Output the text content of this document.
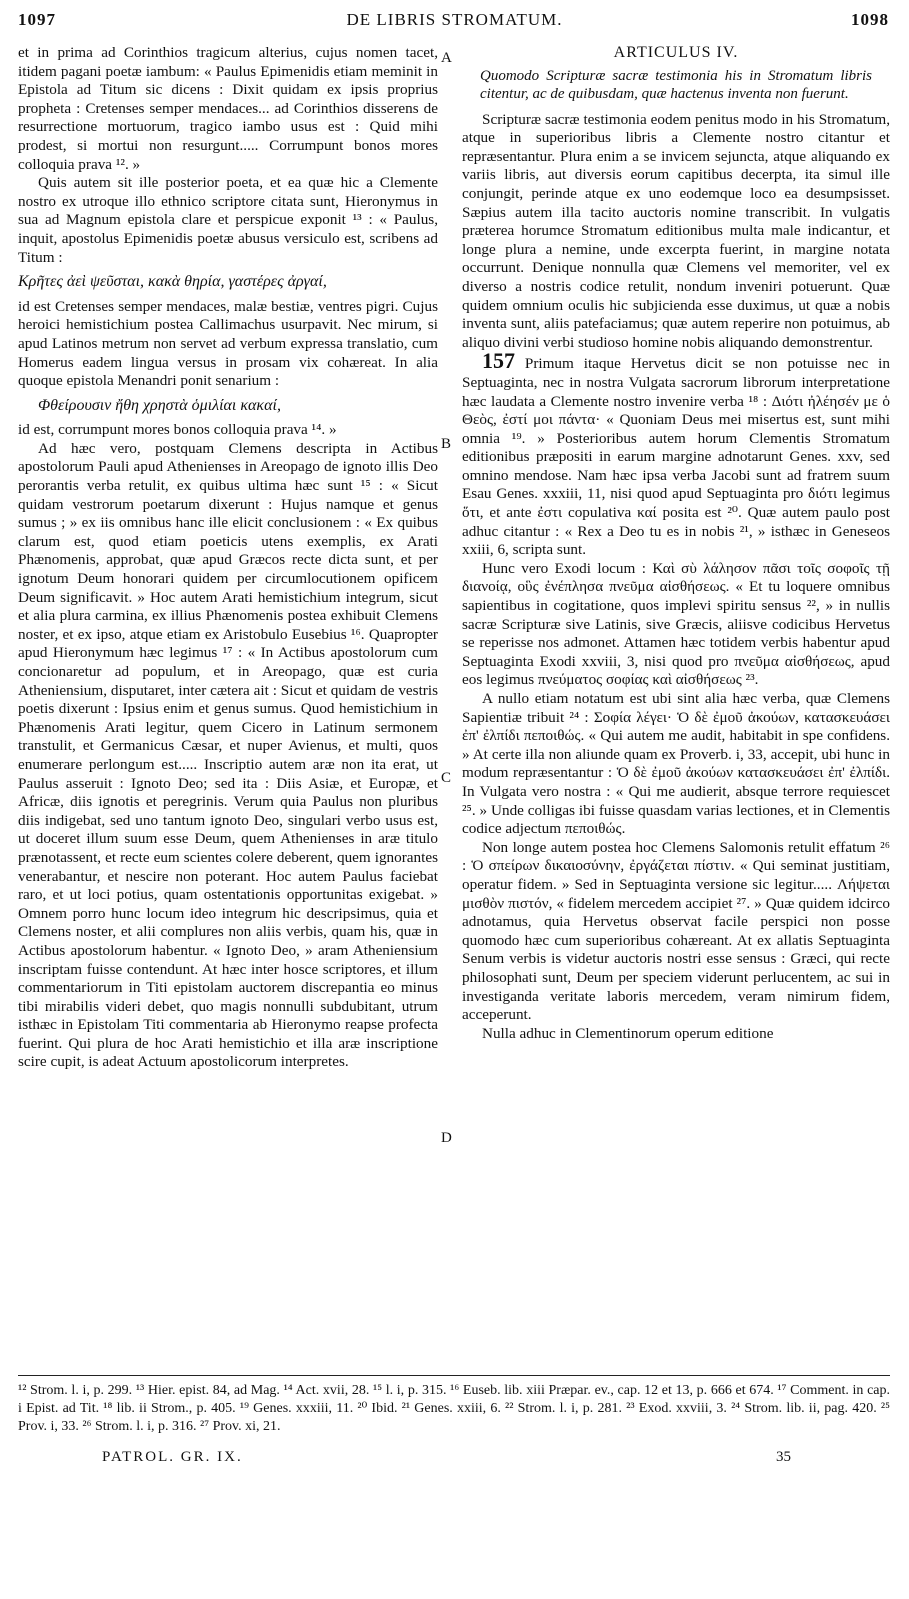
1097	DE LIBRIS STROMATUM.	1098
A
B
C
D

et in prima ad Corinthios tragicum alterius, cujus nomen tacet, itidem pagani poetæ iambum: « Paulus Epimenidis etiam meminit in Epistola ad Titum sic dicens : Dixit quidam ex ipsis proprius propheta : Cretenses semper mendaces... ad Corinthios disserens de resurrectione mortuorum, tragico iambo usus est : Quid mihi prodest, si mortui non resurgunt..... Corrumpunt bonos mores colloquia prava ¹². »

Quis autem sit ille posterior poeta, et ea quæ hic a Clemente nostro ex utroque illo ethnico scriptore citata sunt, Hieronymus in sua ad Magnum epistola clare et perspicue exponit ¹³ : « Paulus, inquit, apostolus Epimenidis poetæ abusus versiculo est, scribens ad Titum :

Κρῆτες ἀεὶ ψεῦσται, κακὰ θηρία, γαστέρες ἀργαί,

id est Cretenses semper mendaces, malæ bestiæ, ventres pigri. Cujus heroici hemistichium postea Callimachus usurpavit. Nec mirum, si apud Latinos metrum non servet ad verbum expressa translatio, cum Homerus eadem lingua versus in prosam vix cohæreat. In alia quoque epistola Menandri ponit senarium :

Φθείρουσιν ἤθη χρηστὰ ὁμιλίαι κακαί,

id est, corrumpunt mores bonos colloquia prava ¹⁴. »

Ad hæc vero, postquam Clemens descripta in Actibus apostolorum Pauli apud Athenienses in Areopago de ignoto illis Deo perorantis verba retulit, ex quibus ultima hæc sunt ¹⁵ : « Sicut quidam vestrorum poetarum dixerunt : Hujus namque et genus sumus ; » ex iis omnibus hanc ille elicit conclusionem : « Ex quibus clarum est, quod etiam poeticis utens exemplis, ex Arati Phænomenis, approbat, quæ apud Græcos recte dicta sunt, et per ignotum Deum honorari quidem per circumlocutionem opificem Deum significavit. » Hoc autem Arati hemistichium integrum, sicut et alia plura carmina, ex illius Phænomenis postea exhibuit Clemens noster, et ex ipso, atque etiam ex Aristobulo Eusebius ¹⁶. Quapropter apud Hieronymum hæc legimus ¹⁷ : « In Actibus apostolorum cum concionaretur ad populum, et in Areopago, quæ est curia Atheniensium, disputaret, inter cætera ait : Sicut et quidam de vestris poetis dixerunt : Ipsius enim et genus sumus. Quod hemistichium in Phænomenis Arati legitur, quem Cicero in Latinum sermonem transtulit, et Germanicus Cæsar, et nuper Avienus, et multi, quos enumerare perlongum est..... Inscriptio autem aræ non ita erat, ut Paulus asseruit : Ignoto Deo; sed ita : Diis Asiæ, et Europæ, et Africæ, diis ignotis et peregrinis. Verum quia Paulus non pluribus diis indigebat, sed uno tantum ignoto Deo, singulari verbo usus est, ut doceret illum suum esse Deum, quem Athenienses in aræ titulo prænotassent, et recte eum scientes colere deberent, quem ignorantes venerabantur, et nescire non poterant. Hoc autem Paulus faciebat raro, et ut loci potius, quam ostentationis opportunitas exigebat. » Omnem porro hunc locum ideo integrum hic descripsimus, quia et Clemens noster, et alii complures non aliis verbis, quam his, quæ in Actibus apostolorum habentur. « Ignoto Deo, » aram Atheniensium inscriptam fuisse contendunt. At hæc inter hosce scriptores, et illum commentariorum in Titi epistolam auctorem discrepantia eo minus tibi mirabilis videri debet, quo magis nonnulli subdubitant, utrum isthæc in Epistolam Titi commentaria ab Hieronymo reapse profecta fuerint. Qui plura de hoc Arati hemistichio et illa aræ inscriptione scire cupit, is adeat Actuum apostolicorum interpretes.

ARTICULUS IV.
Quomodo Scripturæ sacræ testimonia his in Stromatum libris citentur, ac de quibusdam, quæ hactenus inventa non fuerunt.

Scripturæ sacræ testimonia eodem penitus modo in his Stromatum, atque in superioribus libris a Clemente nostro citantur et repræsentantur. Plura enim a se invicem sejuncta, atque aliquando ex variis libris, aut diversis eorum capitibus decerpta, ita simul ille conjungit, perinde atque ex uno eodemque loco ea desumpsisset. Sæpius autem illa tacito auctoris nomine transcribit. In vulgatis præterea horumce Stromatum editionibus multa male indicantur, et longe plura a nemine, unde excerpta fuerint, in margine notata occurrunt. Denique nonnulla quæ Clemens vel memoriter, vel ex diverso a nostris codice retulit, nondum inveniri potuerunt. Quæ quidem omnium oculis hic subjicienda esse duximus, ut quæ a nobis inventa sunt, aliis patefaciamus; quæ autem reperire non potuimus, ab aliquo divini verbi studioso homine nobis aliquando demonstrentur.

157 Primum itaque Hervetus dicit se non potuisse nec in Septuaginta, nec in nostra Vulgata sacrorum librorum interpretatione hæc laudata a Clemente nostro invenire verba ¹⁸ : Διότι ἠλέησέν με ὁ Θεὸς, ἐστί μοι πάντα· « Quoniam Deus mei misertus est, sunt mihi omnia ¹⁹. » Posterioribus autem horum Clementis Stromatum editionibus præpositi in earum margine adnotarunt Genes. xxv, sed omnino mendose. Nam hæc ipsa verba Jacobi sunt ad fratrem suum Esau Genes. xxxiii, 11, nisi quod apud Septuaginta pro διότι legimus ὅτι, et ante ἐστι copulativa καί posita est ²⁰. Quæ autem paulo post adhuc citantur : « Rex a Deo tu es in nobis ²¹, » isthæc in Geneseos xxiii, 6, scripta sunt.

Hunc vero Exodi locum : Καὶ σὺ λάλησον πᾶσι τοῖς σοφοῖς τῇ διανοίᾳ, οὓς ἐνέπλησα πνεῦμα αἰσθήσεως. « Et tu loquere omnibus sapientibus in cogitatione, quos implevi spiritu sensus ²², » in nullis sacræ Scripturæ sive Latinis, sive Græcis, aliisve codicibus Hervetus se reperisse nos admonet. Attamen hæc totidem verbis habentur apud Septuaginta Exodi xxviii, 3, nisi quod pro πνεῦμα αἰσθήσεως, apud eos legimus πνεύματος σοφίας καὶ αἰσθήσεως ²³.

A nullo etiam notatum est ubi sint alia hæc verba, quæ Clemens Sapientiæ tribuit ²⁴ : Σοφία λέγει· Ὁ δὲ ἐμοῦ ἀκούων, κατασκευάσει ἐπ' ἐλπίδι πεποιθώς. « Qui autem me audit, habitabit in spe confidens. » At certe illa non aliunde quam ex Proverb. i, 33, accepit, ubi hunc in modum repræsentantur : Ὁ δὲ ἐμοῦ ἀκούων κατασκευάσει ἐπ' ἐλπίδι. In Vulgata vero nostra : « Qui me audierit, absque terrore requiescet ²⁵. » Unde colligas ibi fuisse quasdam varias lectiones, et in Clementis codice adjectum πεποιθώς.

Non longe autem postea hoc Clemens Salomonis retulit effatum ²⁶ : Ὁ σπείρων δικαιοσύνην, ἐργάζεται πίστιν. « Qui seminat justitiam, operatur fidem. » Sed in Septuaginta versione sic legitur..... Λήψεται μισθὸν πιστόν, « fidelem mercedem accipiet ²⁷. » Quæ quidem idcirco adnotamus, quia Hervetus observat facile perspici non posse quomodo hæc cum superioribus cohæreant. At ex allatis Septuaginta Senum verbis is videtur auctoris nostri esse sensus : Græci, qui recte philosophati sunt, Deum per speciem viderunt perlucentem, ac sui in investiganda veritate laboris mercedem, veram nimirum fidem, acceperunt.

Nulla adhuc in Clementinorum operum editione

¹² Strom. l. i, p. 299. ¹³ Hier. epist. 84, ad Mag. ¹⁴ Act. xvii, 28. ¹⁵ l. i, p. 315. ¹⁶ Euseb. lib. xiii Præpar. ev., cap. 12 et 13, p. 666 et 674. ¹⁷ Comment. in cap. i Epist. ad Tit. ¹⁸ lib. ii Strom., p. 405. ¹⁹ Genes. xxxiii, 11. ²⁰ Ibid. ²¹ Genes. xxiii, 6. ²² Strom. l. i, p. 281. ²³ Exod. xxviii, 3. ²⁴ Strom. lib. ii, pag. 420. ²⁵ Prov. i, 33. ²⁶ Strom. l. i, p. 316. ²⁷ Prov. xi, 21.
PATROL. GR. IX.	35
